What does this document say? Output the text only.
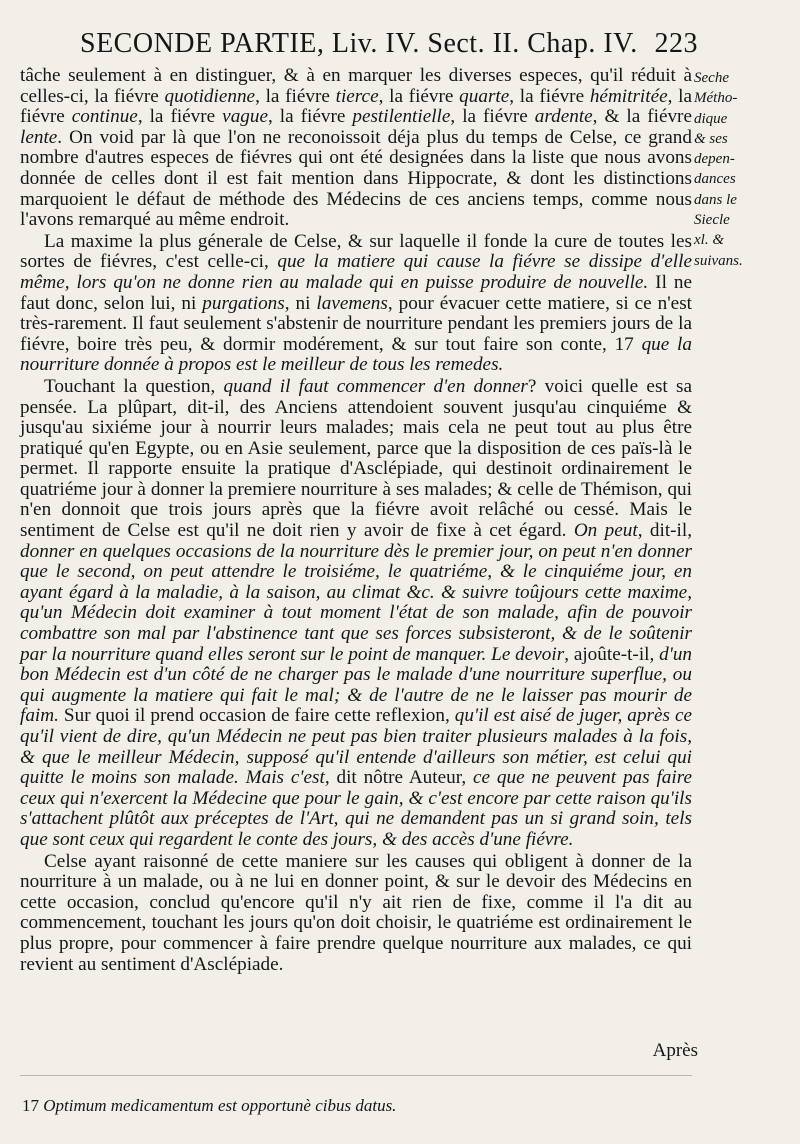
SECONDE PARTIE, Liv. IV. Sect. II. Chap. IV. 223

tâche seulement à en distinguer, & à en marquer les diverses especes, qu'il réduit à celles-ci, la fiévre quotidienne, la fiévre tierce, la fiévre quarte, la fiévre hémitritée, la fiévre continue, la fiévre vague, la fiévre pestilentielle, la fiévre ardente, & la fiévre lente. On void par là que l'on ne reconoissoit déja plus du temps de Celse, ce grand nombre d'autres especes de fiévres qui ont été designées dans la liste que nous avons donnée de celles dont il est fait mention dans Hippocrate, & dont les distinctions marquoient le défaut de méthode des Médecins de ces anciens temps, comme nous l'avons remarqué au même endroit.

La maxime la plus génerale de Celse, & sur laquelle il fonde la cure de toutes les sortes de fiévres, c'est celle-ci, que la matiere qui cause la fiévre se dissipe d'elle même, lors qu'on ne donne rien au malade qui en puisse produire de nouvelle. Il ne faut donc, selon lui, ni purgations, ni lavemens, pour évacuer cette matiere, si ce n'est très-rarement. Il faut seulement s'abstenir de nourriture pendant les premiers jours de la fiévre, boire très peu, & dormir modérement, & sur tout faire son conte, 17 que la nourriture donnée à propos est le meilleur de tous les remedes.

Touchant la question, quand il faut commencer d'en donner? voici quelle est sa pensée. La plûpart, dit-il, des Anciens attendoient souvent jusqu'au cinquiéme & jusqu'au sixiéme jour à nourrir leurs malades; mais cela ne peut tout au plus être pratiqué qu'en Egypte, ou en Asie seulement, parce que la disposition de ces païs-là le permet. Il rapporte ensuite la pratique d'Asclépiade, qui destinoit ordinairement le quatriéme jour à donner la premiere nourriture à ses malades; & celle de Thémison, qui n'en donnoit que trois jours après que la fiévre avoit relâché ou cessé. Mais le sentiment de Celse est qu'il ne doit rien y avoir de fixe à cet égard. On peut, dit-il, donner en quelques occasions de la nourriture dès le premier jour, on peut n'en donner que le second, on peut attendre le troisiéme, le quatriéme, & le cinquiéme jour, en ayant égard à la maladie, à la saison, au climat &c. & suivre toûjours cette maxime, qu'un Médecin doit examiner à tout moment l'état de son malade, afin de pouvoir combattre son mal par l'abstinence tant que ses forces subsisteront, & de le soûtenir par la nourriture quand elles seront sur le point de manquer. Le devoir, ajoûte-t-il, d'un bon Médecin est d'un côté de ne charger pas le malade d'une nourriture superflue, ou qui augmente la matiere qui fait le mal; & de l'autre de ne le laisser pas mourir de faim. Sur quoi il prend occasion de faire cette reflexion, qu'il est aisé de juger, après ce qu'il vient de dire, qu'un Médecin ne peut pas bien traiter plusieurs malades à la fois, & que le meilleur Médecin, supposé qu'il entende d'ailleurs son métier, est celui qui quitte le moins son malade. Mais c'est, dit nôtre Auteur, ce que ne peuvent pas faire ceux qui n'exercent la Médecine que pour le gain, & c'est encore par cette raison qu'ils s'attachent plûtôt aux préceptes de l'Art, qui ne demandent pas un si grand soin, tels que sont ceux qui regardent le conte des jours, & des accès d'une fiévre.

Celse ayant raisonné de cette maniere sur les causes qui obligent à donner de la nourriture à un malade, ou à ne lui en donner point, & sur le devoir des Médecins en cette occasion, conclud qu'encore qu'il n'y ait rien de fixe, comme il l'a dit au commencement, touchant les jours qu'on doit choisir, le quatriéme est ordinairement le plus propre, pour commencer à faire prendre quelque nourriture aux malades, ce qui revient au sentiment d'Asclépiade.

Seche
Métho-
dique
& ses
depen-
dances
dans le
Siecle
xl. &
suivans.
Après
17 Optimum medicamentum est opportunè cibus datus.
